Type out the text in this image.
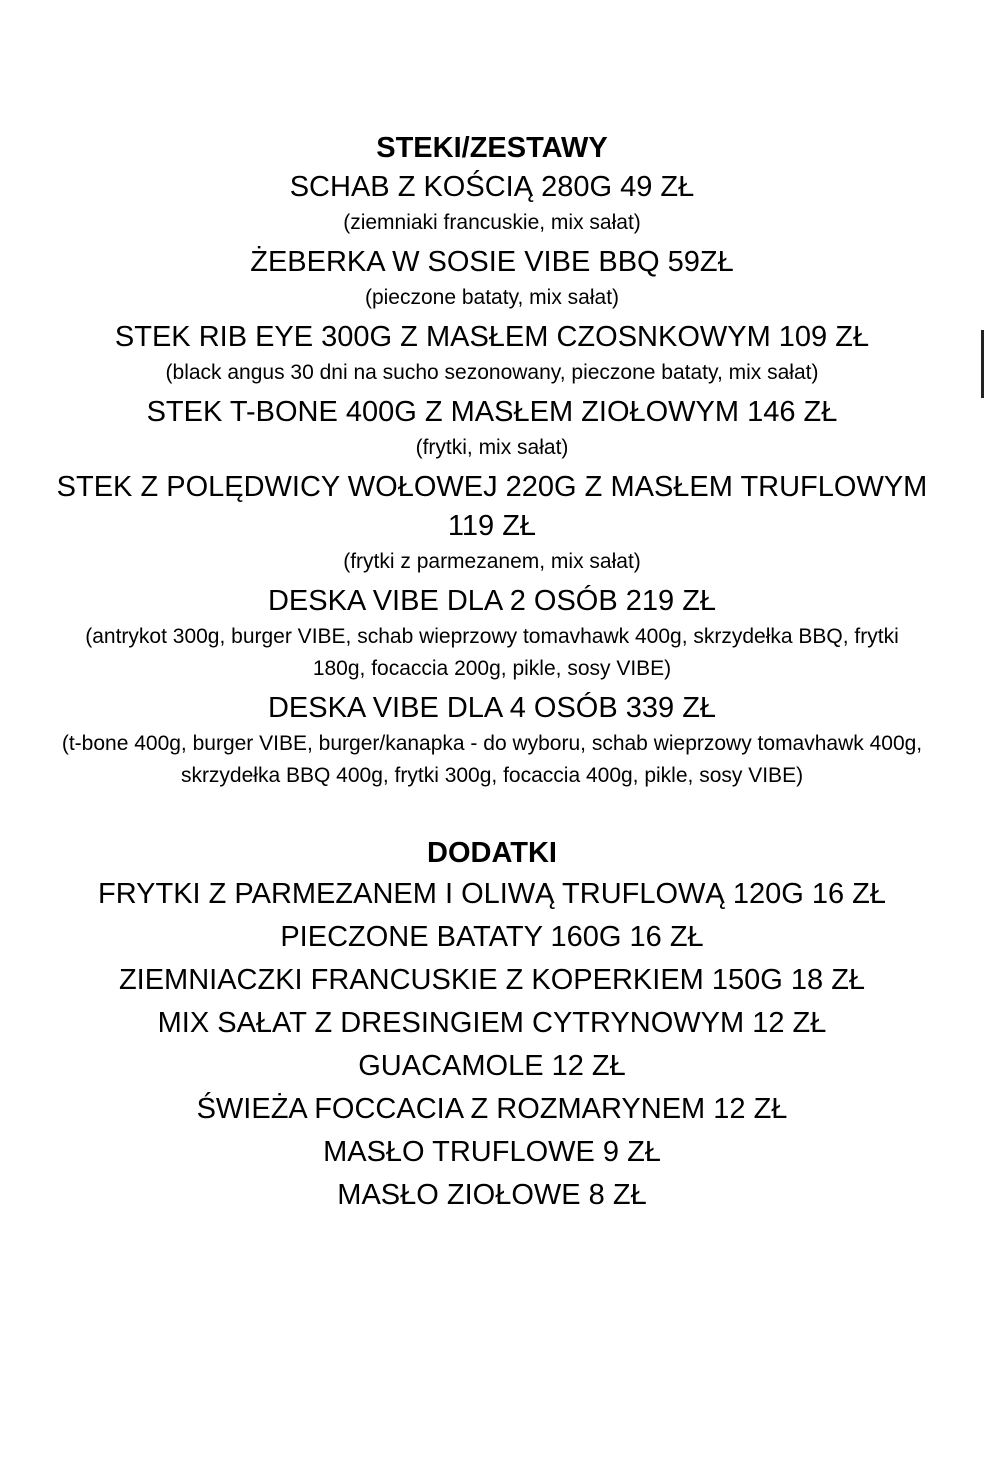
STEKI/ZESTAWY

SCHAB Z KOŚCIĄ 280G 49 ZŁ

(ziemniaki francuskie, mix sałat)

ŻEBERKA W SOSIE VIBE BBQ 59ZŁ

(pieczone bataty, mix sałat)

STEK RIB EYE 300G Z MASŁEM CZOSNKOWYM 109 ZŁ

(black angus 30 dni na sucho sezonowany, pieczone bataty, mix sałat)

STEK T-BONE 400G Z MASŁEM ZIOŁOWYM 146 ZŁ

(frytki, mix sałat)

STEK Z POLĘDWICY WOŁOWEJ 220G Z MASŁEM TRUFLOWYM 119 ZŁ

(frytki z parmezanem, mix sałat)

DESKA VIBE DLA 2 OSÓB 219 ZŁ

(antrykot 300g, burger VIBE, schab wieprzowy tomavhawk 400g, skrzydełka BBQ, frytki 180g, focaccia 200g, pikle, sosy VIBE)

DESKA VIBE DLA 4 OSÓB 339 ZŁ

(t-bone 400g, burger VIBE, burger/kanapka - do wyboru, schab wieprzowy tomavhawk 400g, skrzydełka BBQ 400g, frytki 300g, focaccia 400g, pikle, sosy VIBE)

DODATKI

FRYTKI Z PARMEZANEM I OLIWĄ TRUFLOWĄ 120G 16 ZŁ

PIECZONE BATATY 160G 16 ZŁ

ZIEMNIACZKI FRANCUSKIE Z KOPERKIEM 150G 18 ZŁ

MIX SAŁAT Z DRESINGIEM CYTRYNOWYM 12 ZŁ

GUACAMOLE 12 ZŁ

ŚWIEŻA FOCCACIA Z ROZMARYNEM 12 ZŁ

MASŁO TRUFLOWE 9 ZŁ

MASŁO ZIOŁOWE 8 ZŁ
